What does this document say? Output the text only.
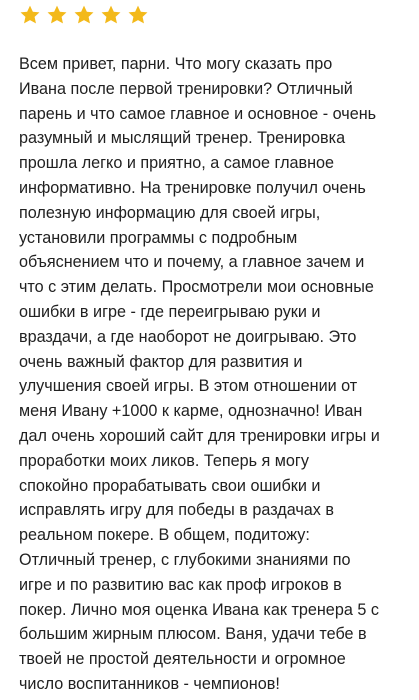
Всем привет, парни. Что могу сказать про
Ивана после первой тренировки? Отличный
парень и что самое главное и основное - очень
разумный и мыслящий тренер. Тренировка
прошла легко и приятно, а самое главное
информативно. На тренировке получил очень
полезную информацию для своей игры,
установили программы с подробным
объяснением что и почему, а главное зачем и
что с этим делать. Просмотрели мои основные
ошибки в игре - где переигрываю руки и
враздачи, а где наоборот не доигрываю. Это
очень важный фактор для развития и
улучшения своей игры. В этом отношении от
меня Ивану +1000 к карме, однозначно! Иван
дал очень хороший сайт для тренировки игры и
проработки моих ликов. Теперь я могу
спокойно прорабатывать свои ошибки и
исправлять игру для победы в раздачах в
реальном покере. В общем, подитожу:
Отличный тренер, с глубокими знаниями по
игре и по развитию вас как проф игроков в
покер. Лично моя оценка Ивана как тренера 5 с
большим жирным плюсом. Ваня, удачи тебе в
твоей не простой деятельности и огромное
число воспитанников - чемпионов!
